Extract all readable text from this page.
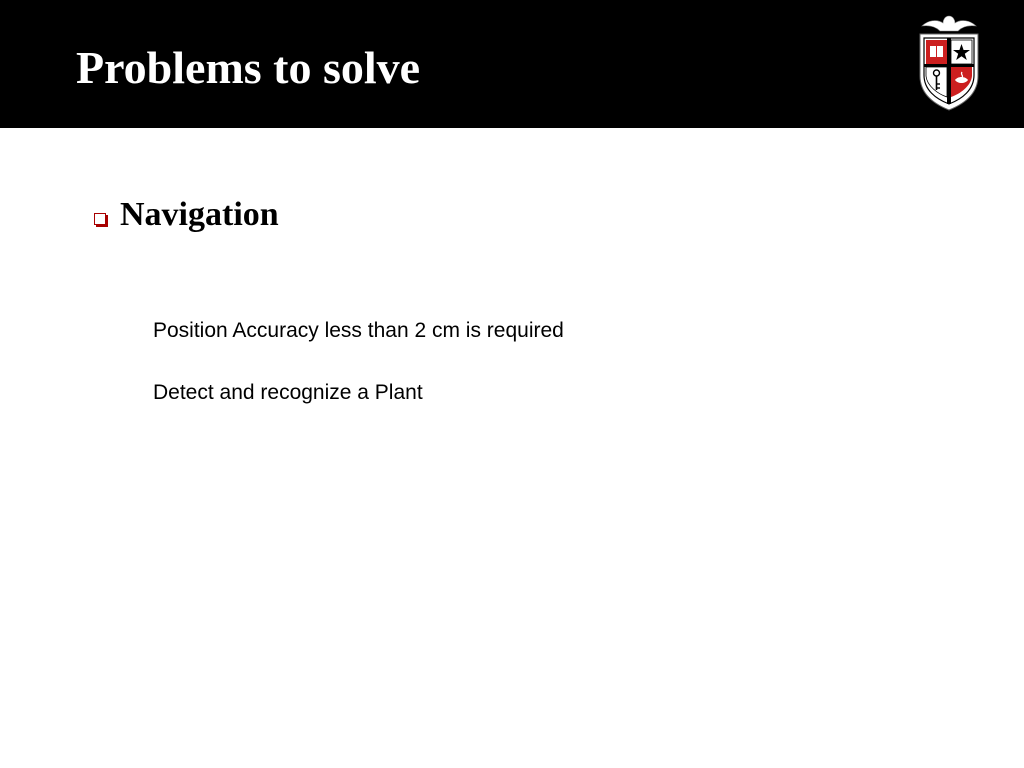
Problems to solve
Navigation
Position Accuracy less than 2 cm is required
Detect and recognize a Plant
